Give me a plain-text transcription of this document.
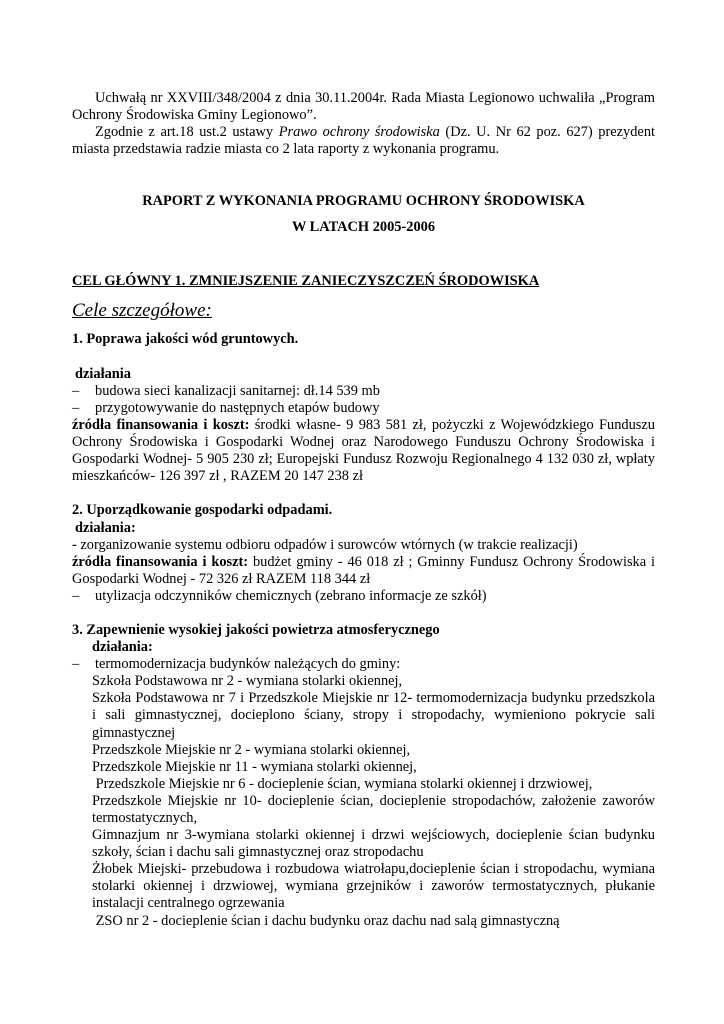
Uchwałą nr XXVIII/348/2004 z dnia 30.11.2004r. Rada Miasta Legionowo uchwaliła „Program Ochrony Środowiska Gminy Legionowo”.

Zgodnie z art.18 ust.2 ustawy Prawo ochrony środowiska (Dz. U. Nr 62 poz. 627) prezydent miasta przedstawia radzie miasta co 2 lata raporty z wykonania programu.

RAPORT Z WYKONANIA PROGRAMU OCHRONY ŚRODOWISKA

W LATACH 2005-2006

CEL GŁÓWNY 1. ZMNIEJSZENIE ZANIECZYSZCZEŃ ŚRODOWISKA

Cele szczegółowe:

1. Poprawa jakości wód gruntowych.

działania

– budowa sieci kanalizacji sanitarnej: dł.14 539 mb

– przygotowywanie do następnych etapów budowy

źródła finansowania i koszt: środki własne- 9 983 581 zł, pożyczki z Wojewódzkiego Funduszu Ochrony Środowiska i Gospodarki Wodnej oraz Narodowego Funduszu Ochrony Środowiska i Gospodarki Wodnej- 5 905 230 zł; Europejski Fundusz Rozwoju Regionalnego 4 132 030 zł, wpłaty mieszkańców- 126 397 zł , RAZEM 20 147 238 zł

2. Uporządkowanie gospodarki odpadami.

działania:

- zorganizowanie systemu odbioru odpadów i surowców wtórnych (w trakcie realizacji)

źródła finansowania i koszt: budżet gminy - 46 018 zł ; Gminny Fundusz Ochrony Środowiska i Gospodarki Wodnej - 72 326 zł RAZEM 118 344 zł

– utylizacja odczynników chemicznych (zebrano informacje ze szkół)

3. Zapewnienie wysokiej jakości powietrza atmosferycznego

działania:

– termomodernizacja budynków należących do gminy:

Szkoła Podstawowa nr 2 - wymiana stolarki okiennej,

Szkoła Podstawowa nr 7 i Przedszkole Miejskie nr 12- termomodernizacja budynku przedszkola i sali gimnastycznej, docieplono ściany, stropy i stropodachy, wymieniono pokrycie sali gimnastycznej

Przedszkole Miejskie nr 2 - wymiana stolarki okiennej,

Przedszkole Miejskie nr 11 - wymiana stolarki okiennej,

Przedszkole Miejskie nr 6 - docieplenie ścian, wymiana stolarki okiennej i drzwiowej,

Przedszkole Miejskie nr 10- docieplenie ścian, docieplenie stropodachów, założenie zaworów termostatycznych,

Gimnazjum nr 3-wymiana stolarki okiennej i drzwi wejściowych, docieplenie ścian budynku szkoły, ścian i dachu sali gimnastycznej oraz stropodachu

Żłobek Miejski- przebudowa i rozbudowa wiatrołapu,docieplenie ścian i stropodachu, wymiana stolarki okiennej i drzwiowej, wymiana grzejników i zaworów termostatycznych, płukanie instalacji centralnego ogrzewania

ZSO nr 2 - docieplenie ścian i dachu budynku oraz dachu nad salą gimnastyczną
